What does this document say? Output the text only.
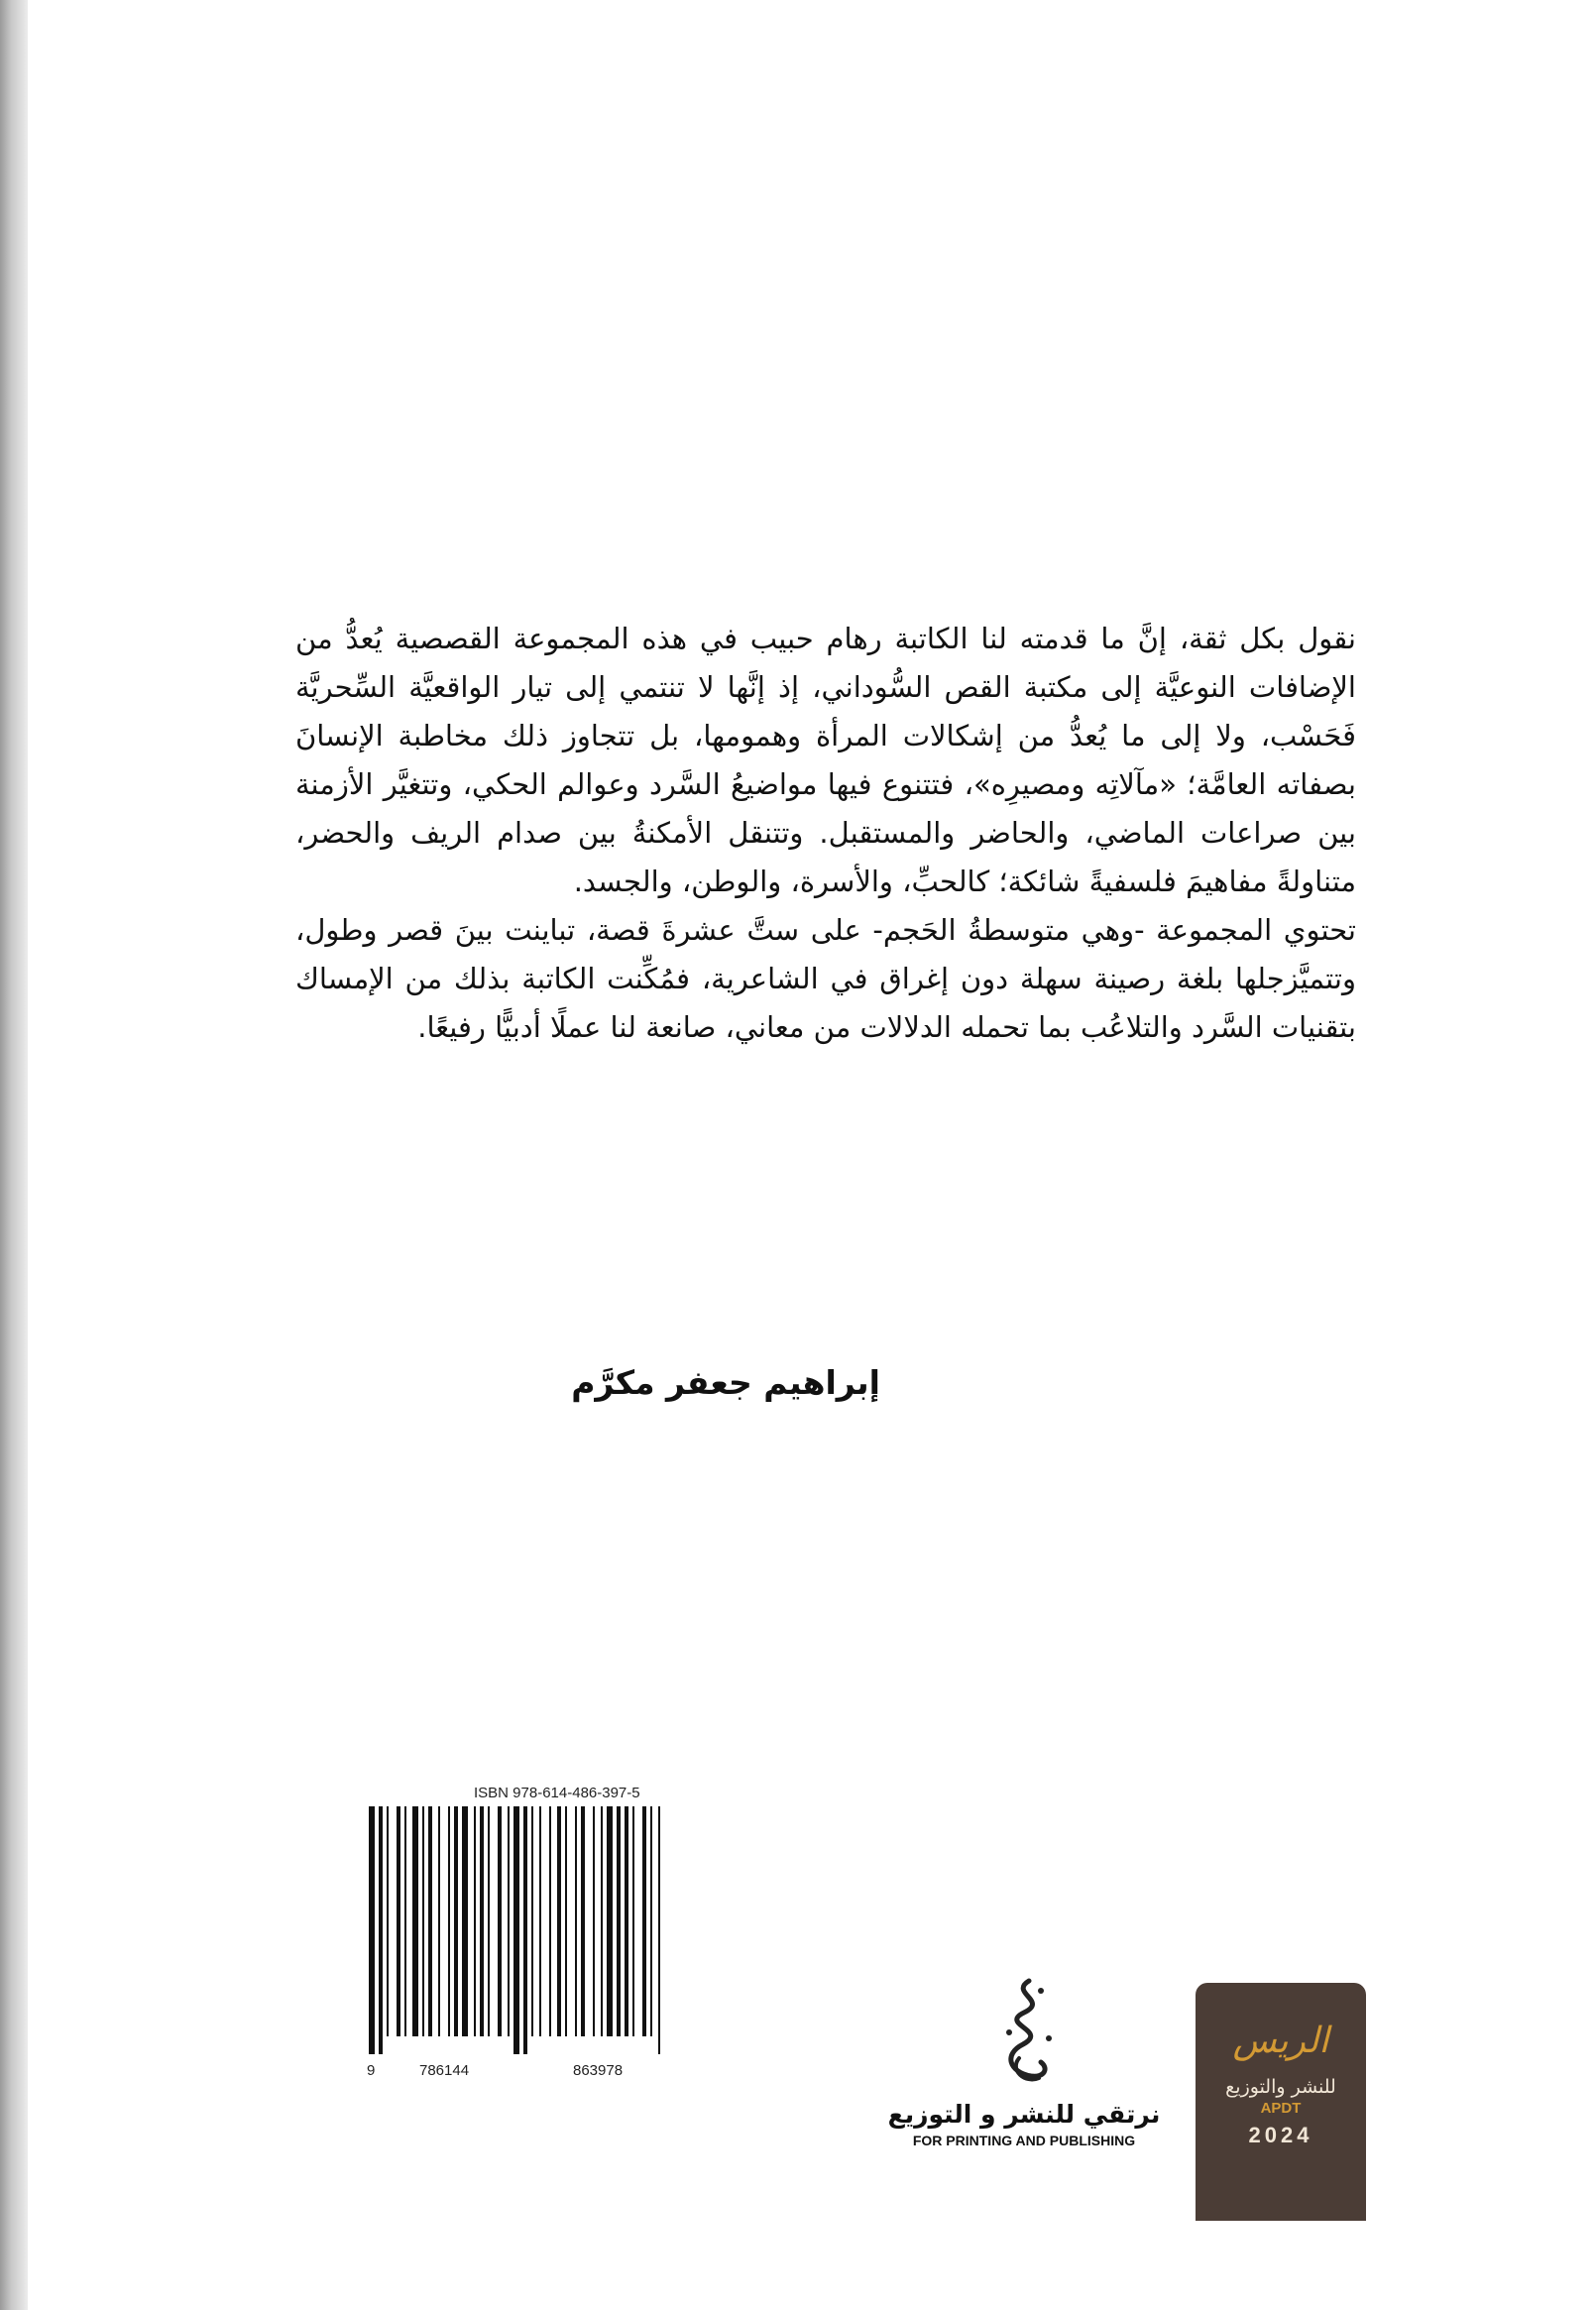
نقول بكل ثقة، إنَّ ما قدمته لنا الكاتبة رهام حبيب في هذه المجموعة القصصية يُعدُّ من الإضافات النوعيَّة إلى مكتبة القص السُّوداني، إذ إنَّها لا تنتمي إلى تيار الواقعيَّة السِّحريَّة فَحَسْب، ولا إلى ما يُعدُّ من إشكالات المرأة وهمومها، بل تتجاوز ذلك مخاطبة الإنسانَ بصفاته العامَّة؛ «مآلاتِه ومصيرِه»، فتتنوع فيها مواضيعُ السَّرد وعوالم الحكي، وتتغيَّر الأزمنة بين صراعات الماضي، والحاضر والمستقبل. وتتنقل الأمكنةُ بين صدام الريف والحضر، متناولةً مفاهيمَ فلسفيةً شائكة؛ كالحبِّ، والأسرة، والوطن، والجسد.

تحتوي المجموعة -وهي متوسطةُ الحَجم- على ستَّ عشرةَ قصة، تباينت بينَ قصر وطول، وتتميَّزجلها بلغة رصينة سهلة دون إغراق في الشاعرية، فمُكِّنت الكاتبة بذلك من الإمساك بتقنيات السَّرد والتلاعُب بما تحمله الدلالات من معاني، صانعة لنا عملًا أدبيًّا رفيعًا.

إبراهيم جعفر مكرَّم
ISBN 978-614-486-397-5
9	786144	863978
نرتقي للنشر و التوزيع
FOR PRINTING AND PUBLISHING
الريس
للنشر والتوزيع
APDT
2024
